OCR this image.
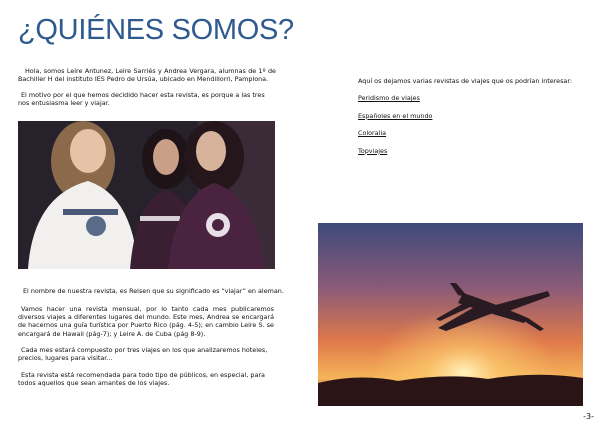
¿QUIÉNES SOMOS?

Hola, somos Leire Antunez, Leire Sarriés y Andrea Vergara, alumnas de 1º de Bachiller H del instituto IES Pedro de Ursúa, ubicado en Mendillorri, Pamplona.

El motivo por el que hemos decidido hacer esta revista, es porque a las tres nos entusiasma leer y viajar.

El nombre de nuestra revista, es Reisen que su significado es “viajar” en aleman.

Vamos hacer una revista mensual, por lo tanto cada mes publicaremos diversos viajes a diferentes lugares del mundo. Este mes, Andrea se encargará de hacernos una guía turística por Puerto Rico (pág. 4-5); en cambio Leire S. se encargará de Hawaii (pág-7); y Leire A. de Cuba (pág 8-9).

Cada mes estará compuesto por tres viajes en los que analizaremos hoteles, precios, lugares para visitar...

Esta revista está recomendada para todo tipo de públicos, en especial, para todos aquellos que sean amantes de los viajes.

Aquí os dejamos varias revistas de viajes que os podrían interesar:

Peridismo de viajes
Españoles en el mundo
Coloralia
Topviajes
-3-
